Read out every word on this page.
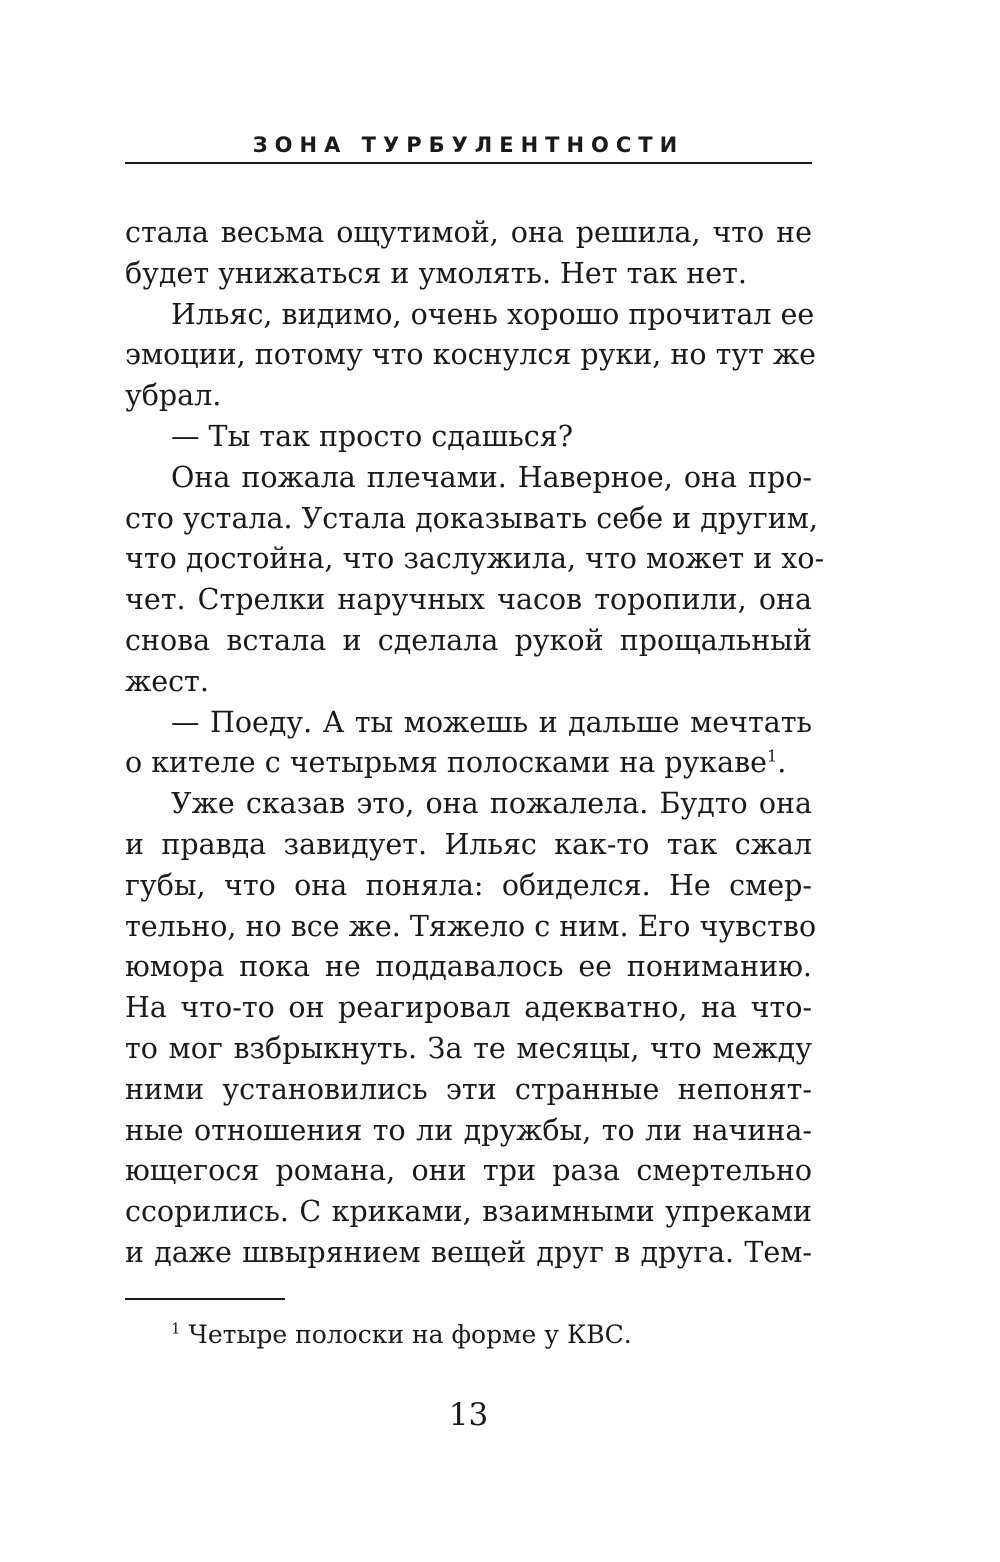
ЗОНА ТУРБУЛЕНТНОСТИ
стала весьма ощутимой, она решила, что не
будет унижаться и умолять. Нет так нет.
Ильяс, видимо, очень хорошо прочитал ее
эмоции, потому что коснулся руки, но тут же
убрал.
— Ты так просто сдашься?
Она пожала плечами. Наверное, она про-
сто устала. Устала доказывать себе и другим,
что достойна, что заслужила, что может и хо-
чет. Стрелки наручных часов торопили, она
снова встала и сделала рукой прощальный
жест.
— Поеду. А ты можешь и дальше мечтать
о кителе с четырьмя полосками на рукаве$^1$.
Уже сказав это, она пожалела. Будто она
и правда завидует. Ильяс как-то так сжал
губы, что она поняла: обиделся. Не смер-
тельно, но все же. Тяжело с ним. Его чувство
юмора пока не поддавалось ее пониманию.
На что-то он реагировал адекватно, на что-
то мог взбрыкнуть. За те месяцы, что между
ними установились эти странные непонят-
ные отношения то ли дружбы, то ли начина-
ющегося романа, они три раза смертельно
ссорились. С криками, взаимными упреками
и даже швырянием вещей друг в друга. Тем-
$^1$ Четыре полоски на форме у КВС.
13
